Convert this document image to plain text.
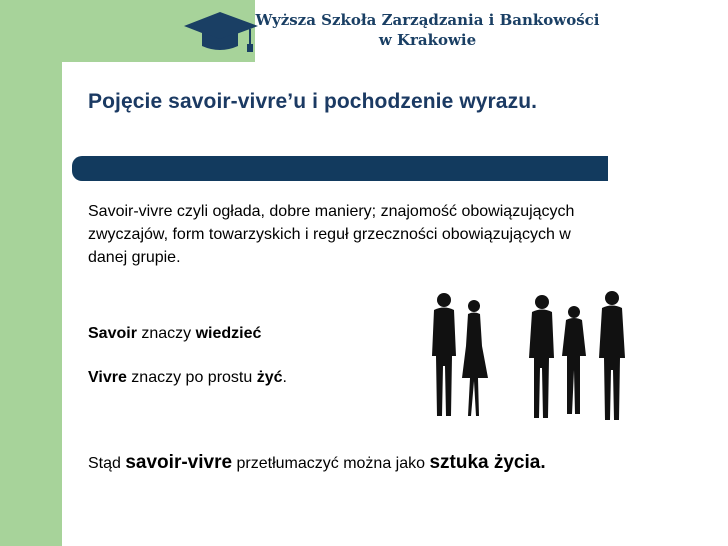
Wyższa Szkoła Zarządzania i Bankowości
w Krakowie
Pojęcie savoir-vivre’u i pochodzenie wyrazu.
Savoir-vivre czyli ogłada, dobre maniery; znajomość obowiązujących zwyczajów, form towarzyskich i reguł grzeczności obowiązujących w danej grupie.
Savoir znaczy wiedzieć
Vivre znaczy po prostu żyć.
Stąd savoir-vivre przetłumaczyć można jako sztuka życia.
